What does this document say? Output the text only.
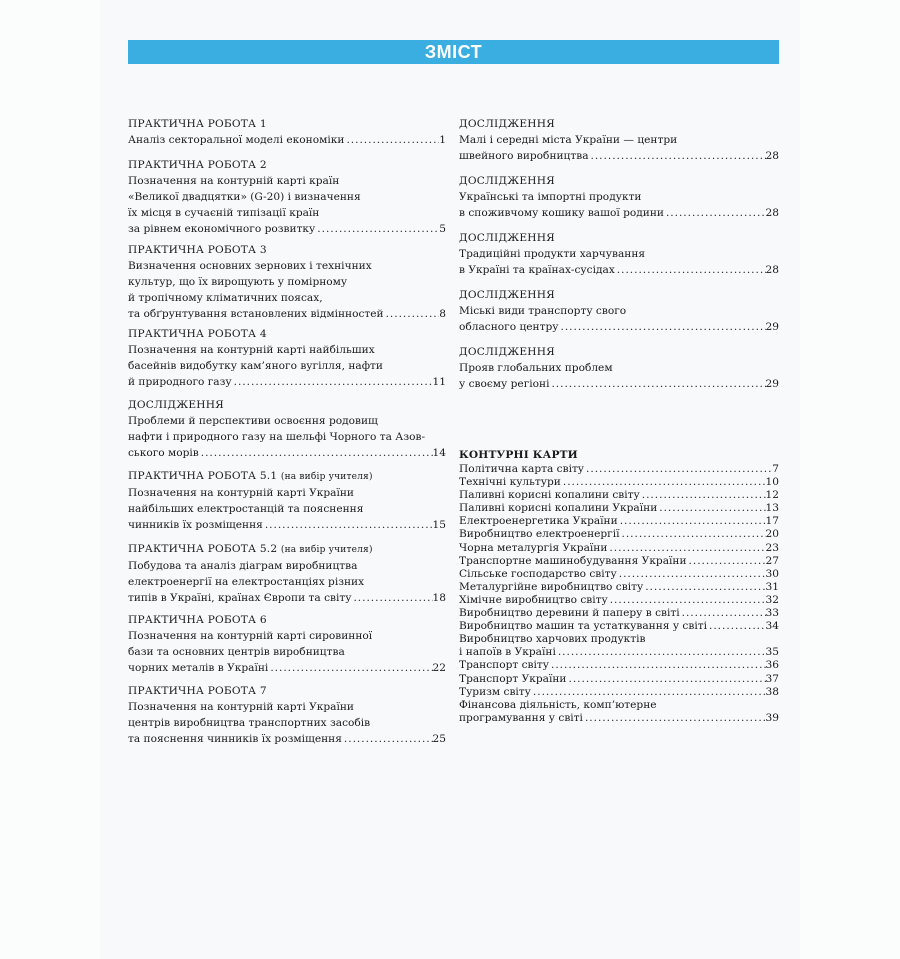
ЗМІСТ
ПРАКТИЧНА РОБОТА 1
Аналіз секторальної моделі економіки . . .	1
ПРАКТИЧНА РОБОТА 2
Позначення на контурній карті країн
«Великої двадцятки» (G-20) і визначення
їх місця в сучаєній типізації країн
за рівнем економічного розвитку . . .	5
ПРАКТИЧНА РОБОТА 3
Визначення основних зернових і технічних
культур, що їх вирощують у помірному
й тропічному кліматичних поясах,
та обґрунтування встановлених відмінностей . . .	8
ПРАКТИЧНА РОБОТА 4
Позначення на контурній карті найбільших
басейнів видобутку кам’яного вугілля, нафти
й природного газу . . .	11
ДОСЛІДЖЕННЯ
Проблеми й перспективи освоєння родовищ
нафти і природного газу на шельфі Чорного та Азов-
ського морів . . .	14
ПРАКТИЧНА РОБОТА 5.1 (на вибір учителя)
Позначення на контурній карті України
найбільших електростанцій та пояснення
чинників їх розміщення . . .	15
ПРАКТИЧНА РОБОТА 5.2 (на вибір учителя)
Побудова та аналіз діаграм виробництва
електроенергії на електростанціях різних
типів в Україні, країнах Європи та світу . . .	18
ПРАКТИЧНА РОБОТА 6
Позначення на контурній карті сировинної
бази та основних центрів виробництва
чорних металів в Україні . . .	22
ПРАКТИЧНА РОБОТА 7
Позначення на контурній карті України
центрів виробництва транспортних засобів
та пояснення чинників їх розміщення . . .	25
ДОСЛІДЖЕННЯ
Малі і середні міста України — центри
швейного виробництва . . .	28
ДОСЛІДЖЕННЯ
Українські та імпортні продукти
в споживчому кошику вашої родини . . .	28
ДОСЛІДЖЕННЯ
Традиційні продукти харчування
в Україні та країнах-сусідах . . .	28
ДОСЛІДЖЕННЯ
Міські види транспорту свого
обласного центру . . .	29
ДОСЛІДЖЕННЯ
Прояв глобальних проблем
у своєму регіоні . . .	29
КОНТУРНІ КАРТИ
Політична карта світу . . .	7
Технічні культури . . .	10
Паливні корисні копалини світу . . .	12
Паливні корисні копалини України . . .	13
Електроенергетика України . . .	17
Виробництво електроенергії . . .	20
Чорна металургія України . . .	23
Транспортне машинобудування України . . .	27
Сільське господарство світу . . .	30
Металургійне виробництво світу . . .	31
Хімічне виробництво світу . . .	32
Виробництво деревини й паперу в світі . . .	33
Виробництво машин та устаткування у світі . . .	34
Виробництво харчових продуктів
і напоїв в Україні . . .	35
Транспорт світу . . .	36
Транспорт України . . .	37
Туризм світу . . .	38
Фінансова діяльність, комп’ютерне
програмування у світі . . .	39
